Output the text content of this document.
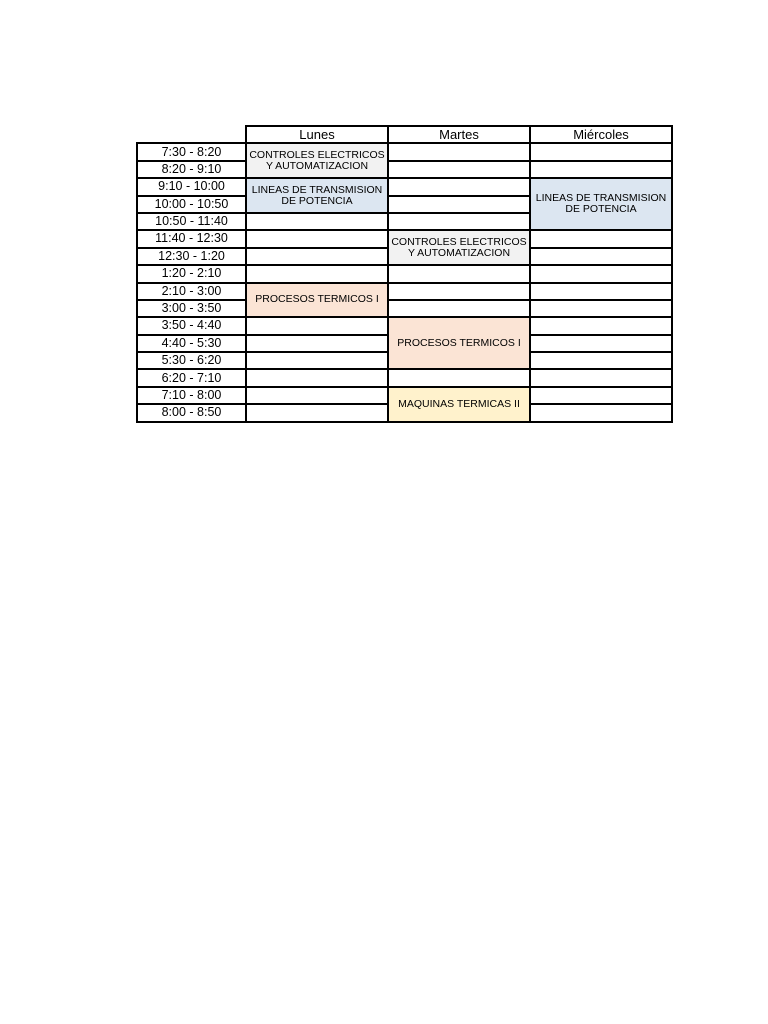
	Lunes	Martes	Miércoles
7:30 - 8:20	CONTROLES ELECTRICOS Y AUTOMATIZACION		
8:20 - 9:10			
9:10 - 10:00	LINEAS DE TRANSMISION DE POTENCIA		LINEAS DE TRANSMISION DE POTENCIA
10:00 - 10:50			
10:50 - 11:40			
11:40 - 12:30		CONTROLES ELECTRICOS Y AUTOMATIZACION	
12:30 - 1:20			
1:20 - 2:10			
2:10 - 3:00	PROCESOS TERMICOS I		
3:00 - 3:50			
3:50 - 4:40		PROCESOS TERMICOS I	
4:40 - 5:30			
5:30 - 6:20			
6:20 - 7:10			
7:10 - 8:00		MAQUINAS TERMICAS II	
8:00 - 8:50			
